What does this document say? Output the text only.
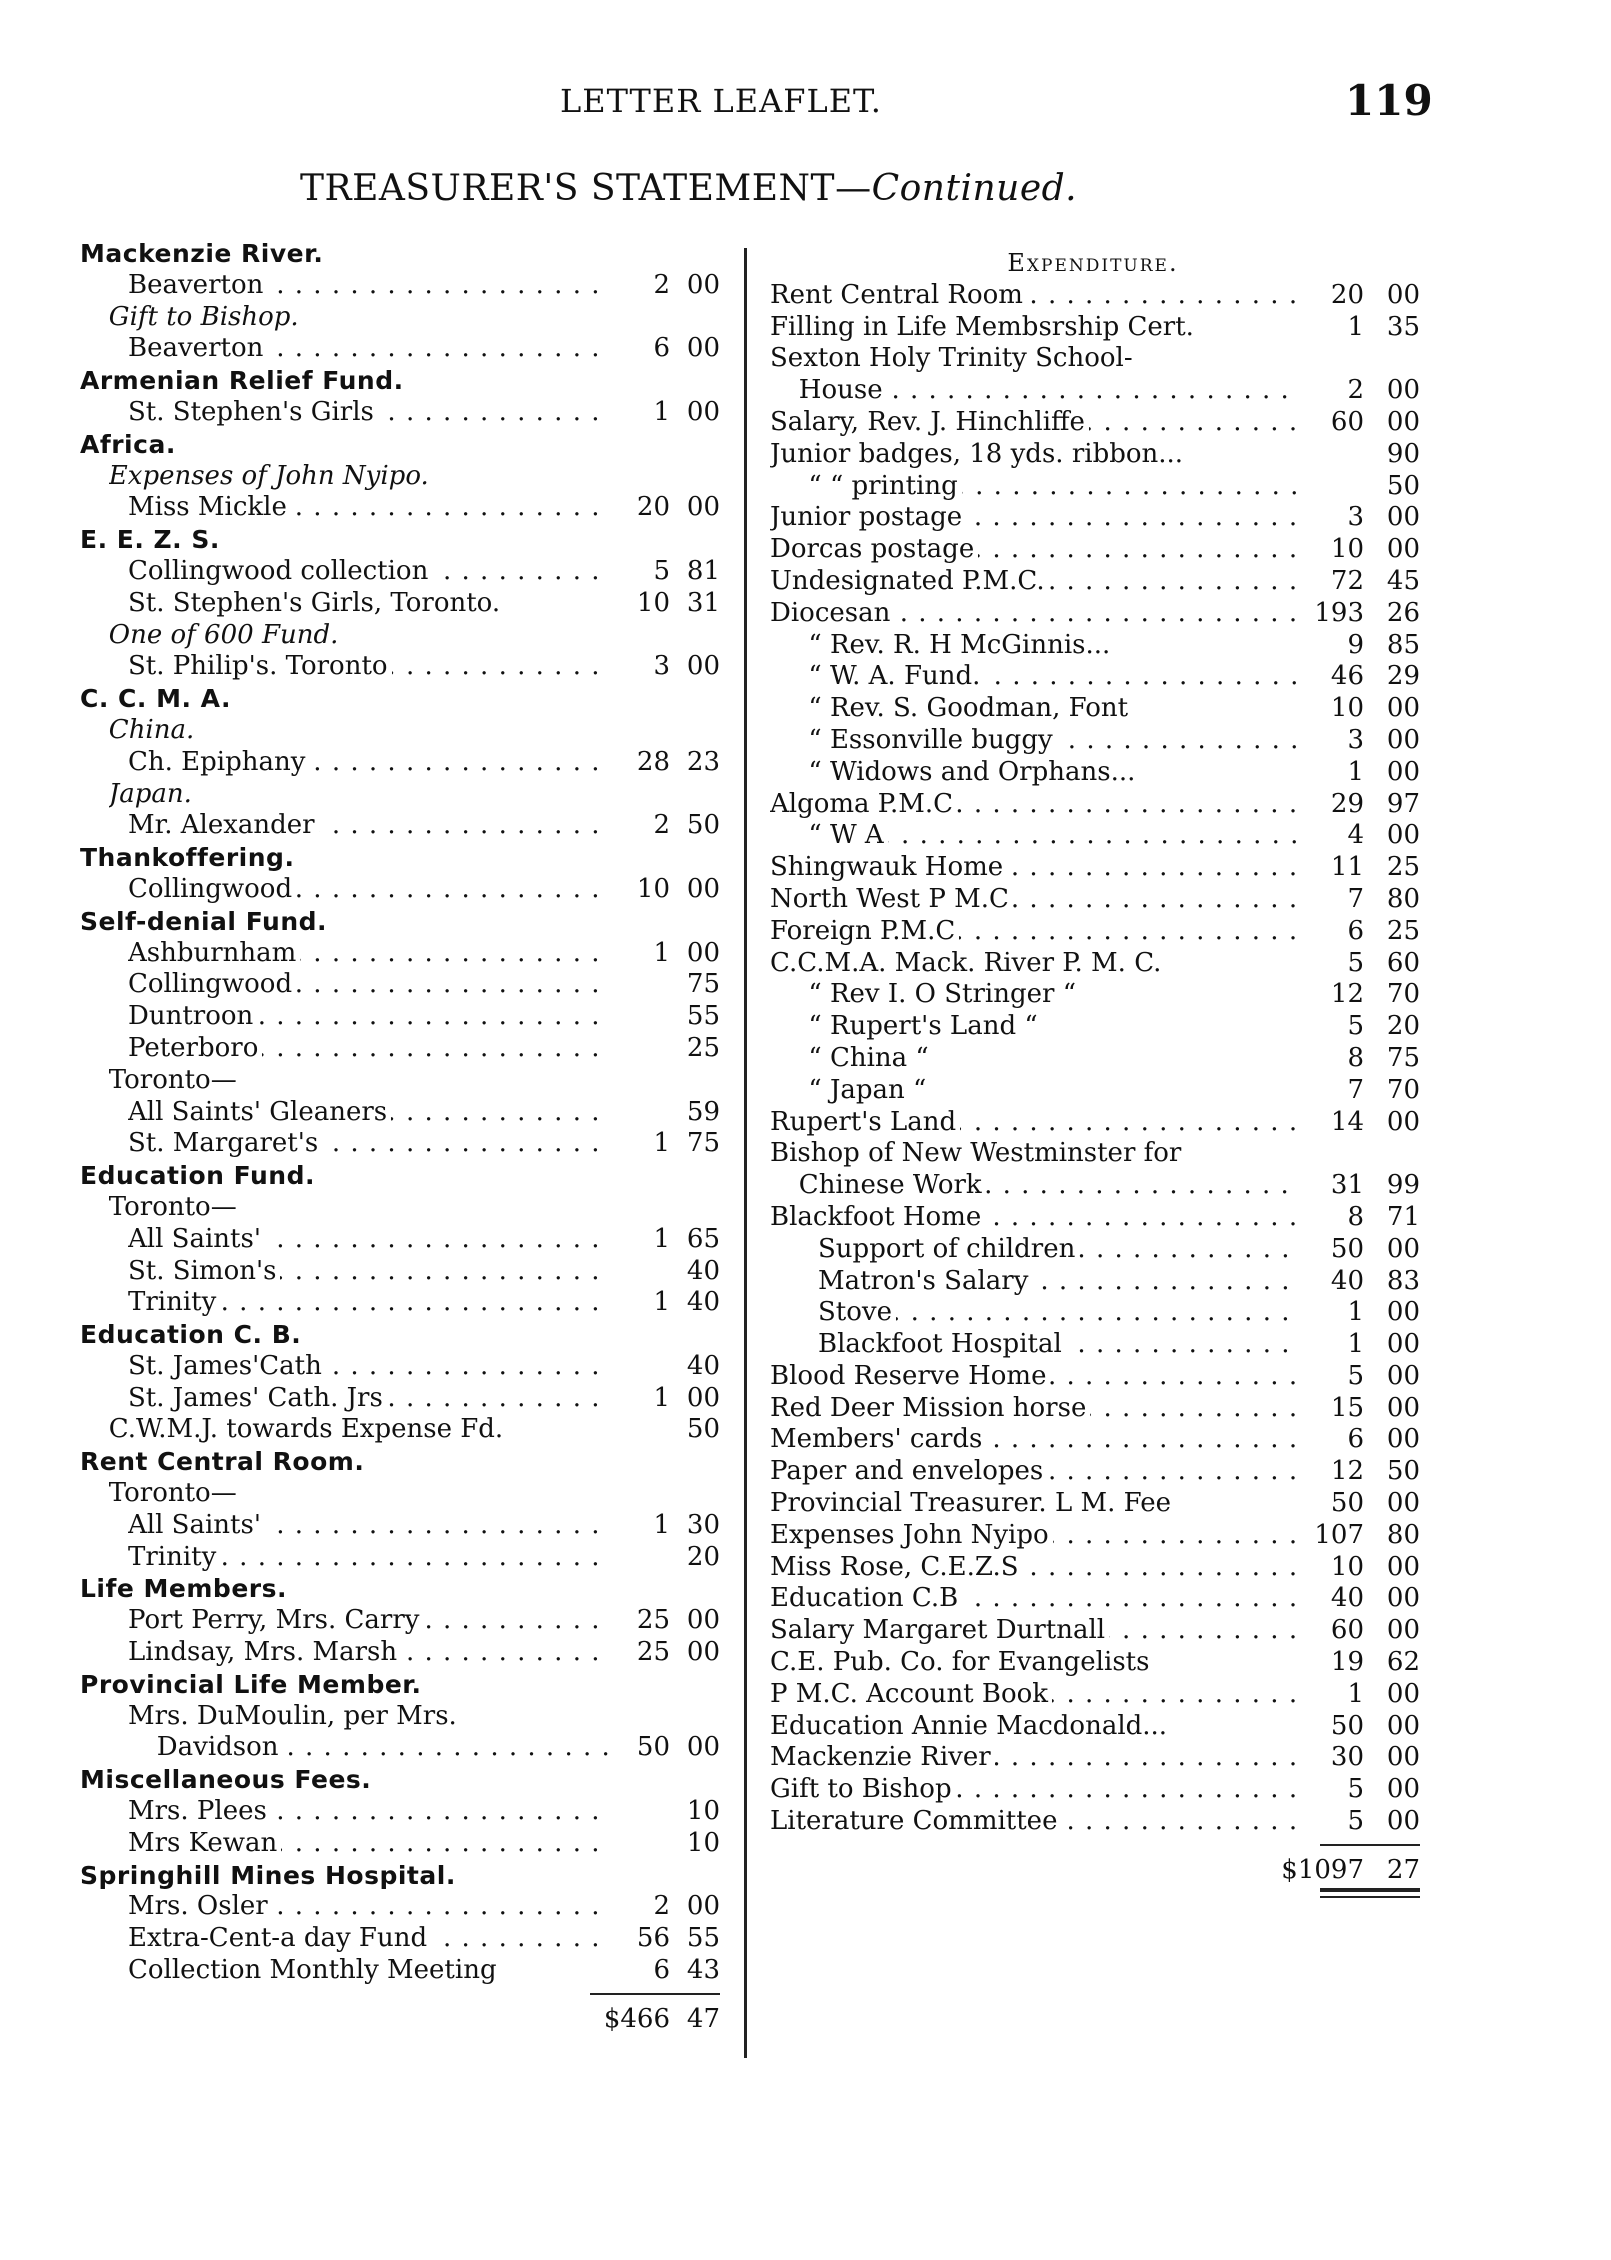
LETTER LEAFLET.	119
TREASURER'S STATEMENT—Continued.
Mackenzie River.
Beaverton . . .	2 00
Gift to Bishop.
Beaverton . . .	6 00
Armenian Relief Fund.
St. Stephen's Girls . . .	1 00
Africa.
Expenses of John Nyipo.
Miss Mickle . . .	20 00
E. E. Z. S.
Collingwood collection . . .	5 81
St. Stephen's Girls, Toronto.	10 31
One of 600 Fund.
St. Philip's. Toronto . . .	3 00
C. C. M. A.
China.
Ch. Epiphany . . .	28 23
Japan.
Mr. Alexander . . .	2 50
Thankoffering.
Collingwood . . .	10 00
Self-denial Fund.
Ashburnham . . .	1 00
Collingwood . . .	75
Duntroon . . .	55
Peterboro . . .	25
Toronto—
All Saints' Gleaners . . .	59
St. Margaret's . . .	1 75
Education Fund.
Toronto—
All Saints' . . .	1 65
St. Simon's . . .	40
Trinity . . .	1 40
Education C. B.
St. James'Cath . . .	40
St. James' Cath. Jrs . . .	1 00
C.W.M.J. towards Expense Fd.	50
Rent Central Room.
Toronto—
All Saints' . . .	1 30
Trinity . . .	20
Life Members.
Port Perry, Mrs. Carry . . .	25 00
Lindsay, Mrs. Marsh . . .	25 00
Provincial Life Member.
Mrs. DuMoulin, per Mrs.
Davidson . . .	50 00
Miscellaneous Fees.
Mrs. Plees . . .	10
Mrs Kewan . . .	10
Springhill Mines Hospital.
Mrs. Osler . . .	2 00
Extra-Cent-a day Fund . . .	56 55
Collection Monthly Meeting	6 43
$466 47
Expenditure.
Rent Central Room . . .	20 00
Filling in Life Membsrship Cert.	1 35
Sexton Holy Trinity School-
House . . .	2 00
Salary, Rev. J. Hinchliffe . . .	60 00
Junior badges, 18 yds. ribbon...	90
“ “ printing . . .	50
Junior postage . . .	3 00
Dorcas postage . . .	10 00
Undesignated P.M.C. . . .	72 45
Diocesan . . .	193 26
“ Rev. R. H McGinnis...	9 85
“ W. A. Fund. . . .	46 29
“ Rev. S. Goodman, Font	10 00
“ Essonville buggy . . .	3 00
“ Widows and Orphans...	1 00
Algoma P.M.C . . .	29 97
“ W A . . .	4 00
Shingwauk Home . . .	11 25
North West P M.C . . .	7 80
Foreign P.M.C . . .	6 25
C.C.M.A. Mack. River P. M. C.	5 60
“ Rev I. O Stringer “	12 70
“ Rupert's Land “	5 20
“ China “	8 75
“ Japan “	7 70
Rupert's Land . . .	14 00
Bishop of New Westminster for
Chinese Work . . .	31 99
Blackfoot Home . . .	8 71
Support of children . . .	50 00
Matron's Salary . . .	40 83
Stove . . .	1 00
Blackfoot Hospital . . .	1 00
Blood Reserve Home . . .	5 00
Red Deer Mission horse . . .	15 00
Members' cards . . .	6 00
Paper and envelopes . . .	12 50
Provincial Treasurer. L M. Fee	50 00
Expenses John Nyipo . . .	107 80
Miss Rose, C.E.Z.S . . .	10 00
Education C.B . . .	40 00
Salary Margaret Durtnall . . .	60 00
C.E. Pub. Co. for Evangelists	19 62
P M.C. Account Book . . .	1 00
Education Annie Macdonald...	50 00
Mackenzie River . . .	30 00
Gift to Bishop . . .	5 00
Literature Committee . . .	5 00
$1097 27
